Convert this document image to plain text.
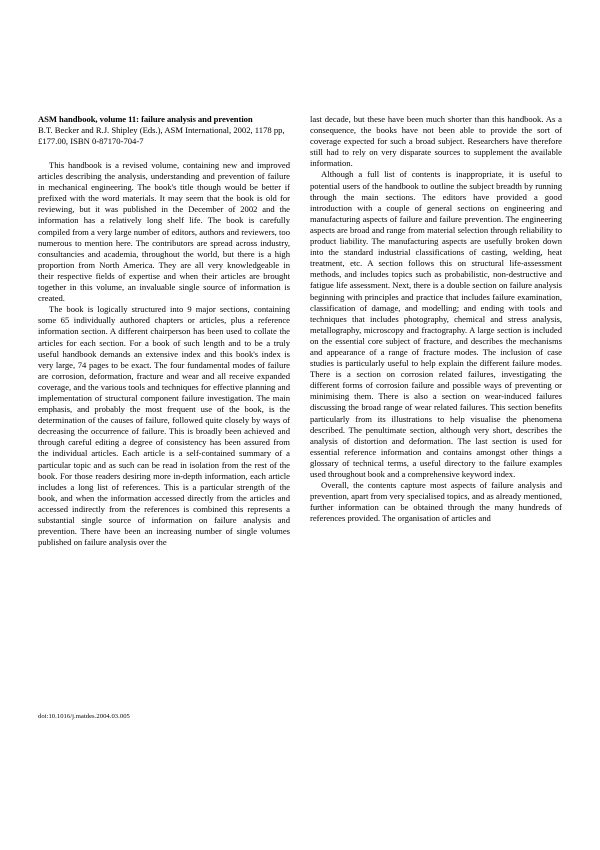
ASM handbook, volume 11: failure analysis and prevention

B.T. Becker and R.J. Shipley (Eds.), ASM International, 2002, 1178 pp, £177.00, ISBN 0-87170-704-7

This handbook is a revised volume, containing new and improved articles describing the analysis, understanding and prevention of failure in mechanical engineering. The book's title though would be better if prefixed with the word materials. It may seem that the book is old for reviewing, but it was published in the December of 2002 and the information has a relatively long shelf life. The book is carefully compiled from a very large number of editors, authors and reviewers, too numerous to mention here. The contributors are spread across industry, consultancies and academia, throughout the world, but there is a high proportion from North America. They are all very knowledgeable in their respective fields of expertise and when their articles are brought together in this volume, an invaluable single source of information is created.

The book is logically structured into 9 major sections, containing some 65 individually authored chapters or articles, plus a reference information section. A different chairperson has been used to collate the articles for each section. For a book of such length and to be a truly useful handbook demands an extensive index and this book's index is very large, 74 pages to be exact. The four fundamental modes of failure are corrosion, deformation, fracture and wear and all receive expanded coverage, and the various tools and techniques for effective planning and implementation of structural component failure investigation. The main emphasis, and probably the most frequent use of the book, is the determination of the causes of failure, followed quite closely by ways of decreasing the occurrence of failure. This is broadly been achieved and through careful editing a degree of consistency has been assured from the individual articles. Each article is a self-contained summary of a particular topic and as such can be read in isolation from the rest of the book. For those readers desiring more in-depth information, each article includes a long list of references. This is a particular strength of the book, and when the information accessed directly from the articles and accessed indirectly from the references is combined this represents a substantial single source of information on failure analysis and prevention. There have been an increasing number of single volumes published on failure analysis over the

last decade, but these have been much shorter than this handbook. As a consequence, the books have not been able to provide the sort of coverage expected for such a broad subject. Researchers have therefore still had to rely on very disparate sources to supplement the available information.

Although a full list of contents is inappropriate, it is useful to potential users of the handbook to outline the subject breadth by running through the main sections. The editors have provided a good introduction with a couple of general sections on engineering and manufacturing aspects of failure and failure prevention. The engineering aspects are broad and range from material selection through reliability to product liability. The manufacturing aspects are usefully broken down into the standard industrial classifications of casting, welding, heat treatment, etc. A section follows this on structural life-assessment methods, and includes topics such as probabilistic, non-destructive and fatigue life assessment. Next, there is a double section on failure analysis beginning with principles and practice that includes failure examination, classification of damage, and modelling; and ending with tools and techniques that includes photography, chemical and stress analysis, metallography, microscopy and fractography. A large section is included on the essential core subject of fracture, and describes the mechanisms and appearance of a range of fracture modes. The inclusion of case studies is particularly useful to help explain the different failure modes. There is a section on corrosion related failures, investigating the different forms of corrosion failure and possible ways of preventing or minimising them. There is also a section on wear-induced failures discussing the broad range of wear related failures. This section benefits particularly from its illustrations to help visualise the phenomena described. The penultimate section, although very short, describes the analysis of distortion and deformation. The last section is used for essential reference information and contains amongst other things a glossary of technical terms, a useful directory to the failure examples used throughout book and a comprehensive keyword index.

Overall, the contents capture most aspects of failure analysis and prevention, apart from very specialised topics, and as already mentioned, further information can be obtained through the many hundreds of references provided. The organisation of articles and

doi:10.1016/j.matdes.2004.03.005
